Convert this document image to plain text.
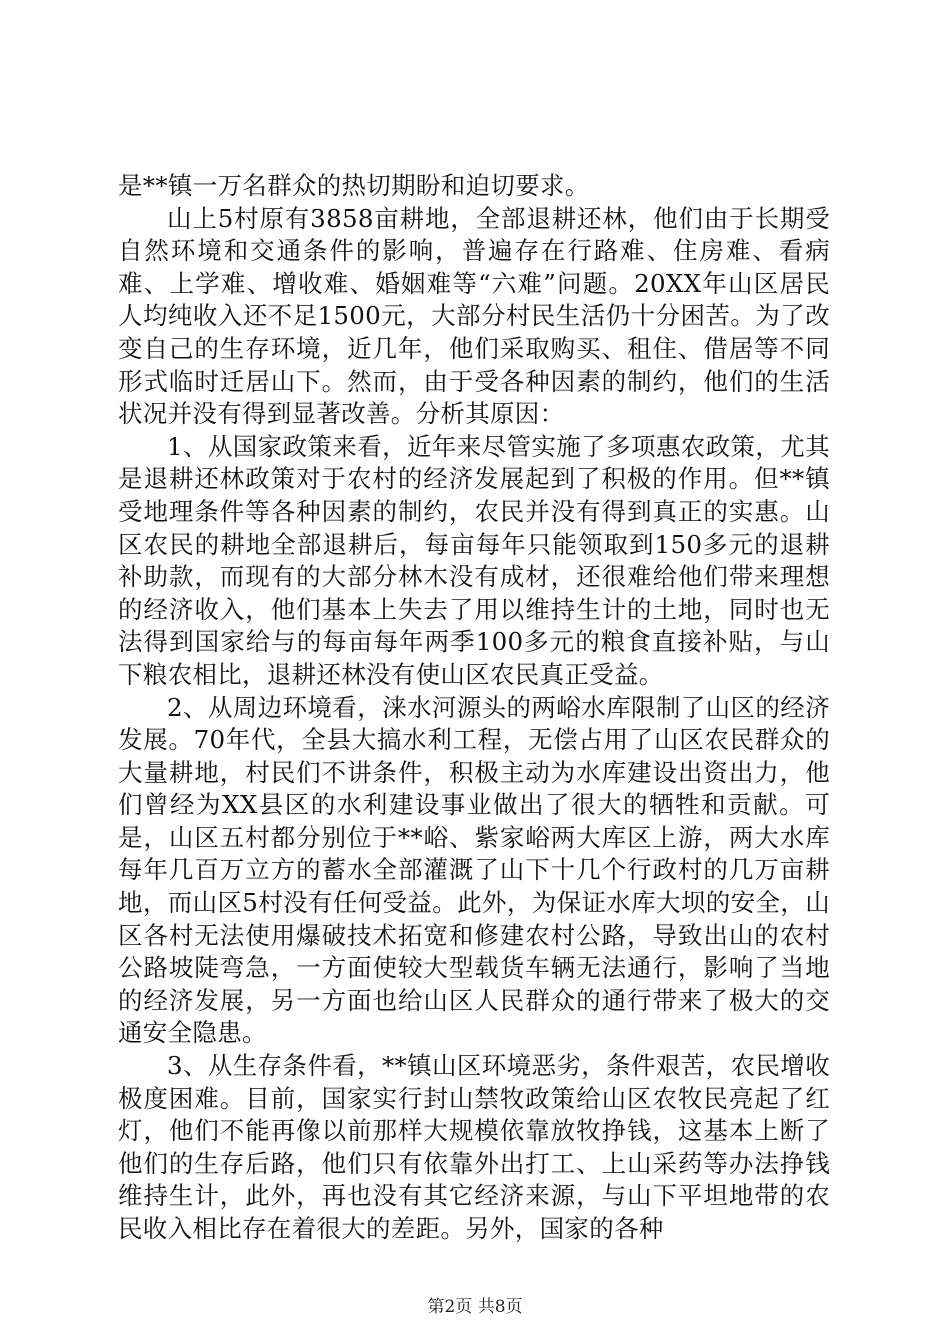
是**镇一万名群众的热切期盼和迫切要求。

山上5村原有3858亩耕地，全部退耕还林，他们由于长期受自然环境和交通条件的影响，普遍存在行路难、住房难、看病难、上学难、增收难、婚姻难等“六难”问题。20XX年山区居民人均纯收入还不足1500元，大部分村民生活仍十分困苦。为了改变自己的生存环境，近几年，他们采取购买、租住、借居等不同形式临时迁居山下。然而，由于受各种因素的制约，他们的生活状况并没有得到显著改善。分析其原因：

1、从国家政策来看，近年来尽管实施了多项惠农政策，尤其是退耕还林政策对于农村的经济发展起到了积极的作用。但**镇受地理条件等各种因素的制约，农民并没有得到真正的实惠。山区农民的耕地全部退耕后，每亩每年只能领取到150多元的退耕补助款，而现有的大部分林木没有成材，还很难给他们带来理想的经济收入，他们基本上失去了用以维持生计的土地，同时也无法得到国家给与的每亩每年两季100多元的粮食直接补贴，与山下粮农相比，退耕还林没有使山区农民真正受益。

2、从周边环境看，涞水河源头的两峪水库限制了山区的经济发展。70年代，全县大搞水利工程，无偿占用了山区农民群众的大量耕地，村民们不讲条件，积极主动为水库建设出资出力，他们曾经为XX县区的水利建设事业做出了很大的牺牲和贡献。可是，山区五村都分别位于**峪、紫家峪两大库区上游，两大水库每年几百万立方的蓄水全部灌溉了山下十几个行政村的几万亩耕地，而山区5村没有任何受益。此外，为保证水库大坝的安全，山区各村无法使用爆破技术拓宽和修建农村公路，导致出山的农村公路坡陡弯急，一方面使较大型载货车辆无法通行，影响了当地的经济发展，另一方面也给山区人民群众的通行带来了极大的交通安全隐患。

3、从生存条件看，**镇山区环境恶劣，条件艰苦，农民增收极度困难。目前，国家实行封山禁牧政策给山区农牧民亮起了红灯，他们不能再像以前那样大规模依靠放牧挣钱，这基本上断了他们的生存后路，他们只有依靠外出打工、上山采药等办法挣钱维持生计，此外，再也没有其它经济来源，与山下平坦地带的农民收入相比存在着很大的差距。另外，国家的各种

第2页 共8页
